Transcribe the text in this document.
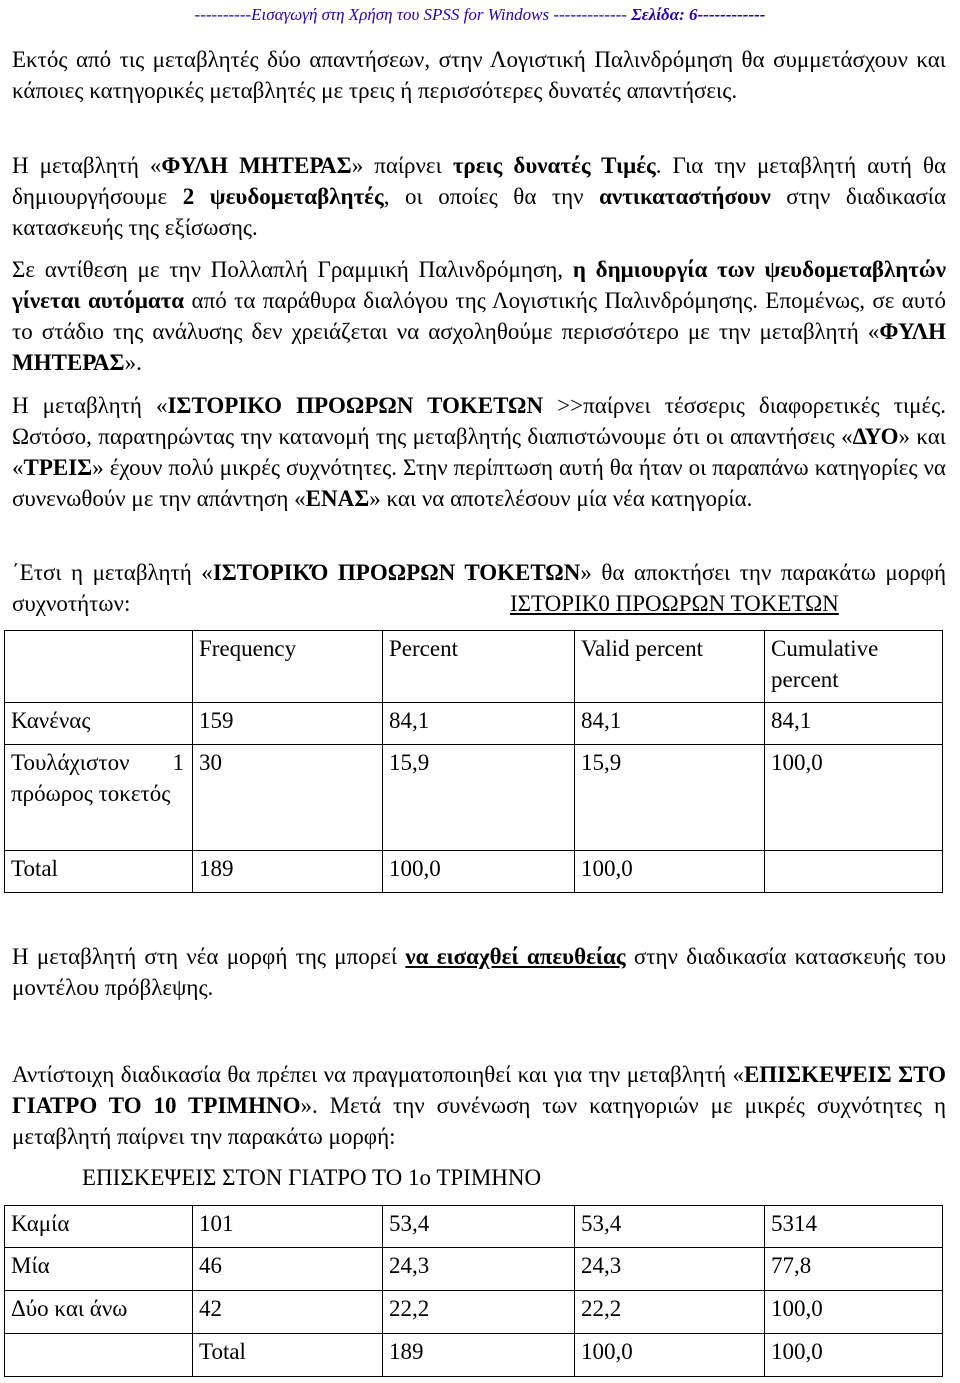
----------Εισαγωγή στη Χρήση του SPSS for Windows ------------- Σελίδα: 6------------
Εκτός από τις μεταβλητές δύο απαντήσεων, στην Λογιστική Παλινδρόμηση θα συμμετάσχουν και κάποιες κατηγορικές μεταβλητές με τρεις ή περισσότερες δυνατές απαντήσεις.
Η μεταβλητή «ΦΥΛΗ ΜΗΤΕΡΑΣ» παίρνει τρεις δυνατές Τιμές. Για την μεταβλητή αυτή θα δημιουργήσουμε 2 ψευδομεταβλητές, οι οποίες θα την αντικαταστήσουν στην διαδικασία κατασκευής της εξίσωσης.
Σε αντίθεση με την Πολλαπλή Γραμμική Παλινδρόμηση, η δημιουργία των ψευδομεταβλητών γίνεται αυτόματα από τα παράθυρα διαλόγου της Λογιστικής Παλινδρόμησης. Επομένως, σε αυτό το στάδιο της ανάλυσης δεν χρειάζεται να ασχοληθούμε περισσότερο με την μεταβλητή «ΦΥΛΗ ΜΗΤΕΡΑΣ».
Η μεταβλητή «ΙΣΤΟΡΙΚΟ ΠΡΟΩΡΩΝ ΤΟΚΕΤΩΝ >>παίρνει τέσσερις διαφορετικές τιμές. Ωστόσο, παρατηρώντας την κατανομή της μεταβλητής διαπιστώνουμε ότι οι απαντήσεις «ΔΥΟ» και «ΤΡΕΙΣ» έχουν πολύ μικρές συχνότητες. Στην περίπτωση αυτή θα ήταν οι παραπάνω κατηγορίες να συνενωθούν με την απάντηση «ΕΝΑΣ» και να αποτελέσουν μία νέα κατηγορία.
΄Ετσι η μεταβλητή «ΙΣΤΟΡΙΚΌ ΠΡΟΩΡΩΝ ΤΟΚΕΤΩΝ» θα αποκτήσει την παρακάτω μορφή συχνοτήτων:	ΙΣΤΟΡΙΚ0 ΠΡΟΩΡΩΝ ΤΟΚΕΤΩΝ
	Frequency	Percent	Valid percent	Cumulative percent
Κανένας	159	84,1	84,1	84,1
Τουλάχιστον 1 πρόωρος τοκετός	30	15,9	15,9	100,0
Total	189	100,0	100,0	
Η μεταβλητή στη νέα μορφή της μπορεί να εισαχθεί απευθείας στην διαδικασία κατασκευής του μοντέλου πρόβλεψης.
Αντίστοιχη διαδικασία θα πρέπει να πραγματοποιηθεί και για την μεταβλητή «ΕΠΙΣΚΕΨΕΙΣ ΣΤΟ ΓΙΑΤΡΟ ΤΟ 10 ΤΡΙΜΗΝΟ». Μετά την συνένωση των κατηγοριών με μικρές συχνότητες η μεταβλητή παίρνει την παρακάτω μορφή:
ΕΠΙΣΚΕΨΕΙΣ ΣΤΟΝ ΓΙΑΤΡΟ ΤΟ 1ο ΤΡΙΜΗΝΟ
Καμία	101	53,4	53,4	5314
Μία	46	24,3	24,3	77,8
Δύο και άνω	42	22,2	22,2	100,0
	Total	189	100,0	100,0
